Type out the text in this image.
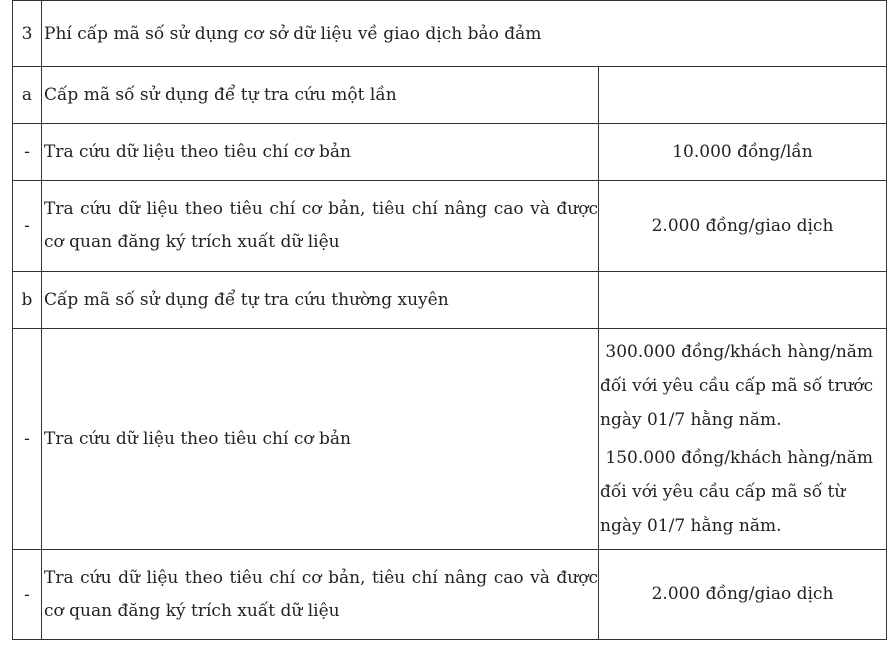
3	Phí cấp mã số sử dụng cơ sở dữ liệu về giao dịch bảo đảm	
a	Cấp mã số sử dụng để tự tra cứu một lần	
-	Tra cứu dữ liệu theo tiêu chí cơ bản	10.000 đồng/lần
-	Tra cứu dữ liệu theo tiêu chí cơ bản, tiêu chí nâng cao và được cơ quan đăng ký trích xuất dữ liệu	2.000 đồng/giao dịch
b	Cấp mã số sử dụng để tự tra cứu thường xuyên	
-	Tra cứu dữ liệu theo tiêu chí cơ bản	300.000 đồng/khách hàng/năm đối với yêu cầu cấp mã số trước ngày 01/7 hằng năm.

150.000 đồng/khách hàng/năm đối với yêu cầu cấp mã số từ ngày 01/7 hằng năm.

-	Tra cứu dữ liệu theo tiêu chí cơ bản, tiêu chí nâng cao và được cơ quan đăng ký trích xuất dữ liệu	2.000 đồng/giao dịch
